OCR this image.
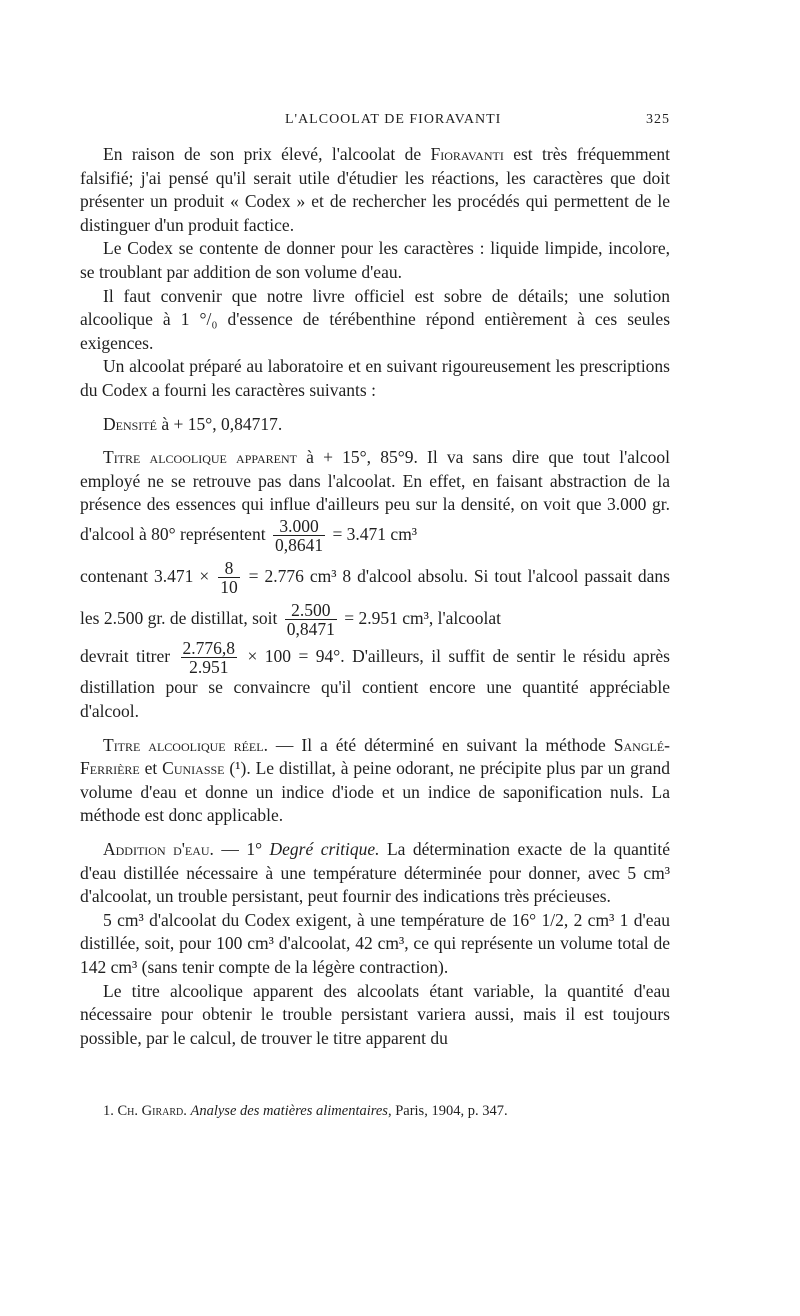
L'ALCOOLAT DE FIORAVANTI	325

En raison de son prix élevé, l'alcoolat de Fioravanti est très fréquemment falsifié; j'ai pensé qu'il serait utile d'étudier les réactions, les caractères que doit présenter un produit « Codex » et de rechercher les procédés qui permettent de le distinguer d'un produit factice.

Le Codex se contente de donner pour les caractères : liquide limpide, incolore, se troublant par addition de son volume d'eau.

Il faut convenir que notre livre officiel est sobre de détails; une solution alcoolique à 1 °/₀ d'essence de térébenthine répond entièrement à ces seules exigences.

Un alcoolat préparé au laboratoire et en suivant rigoureusement les prescriptions du Codex a fourni les caractères suivants :

Densité à + 15°, 0,84717.

Titre alcoolique apparent à + 15°, 85°9. Il va sans dire que tout l'alcool employé ne se retrouve pas dans l'alcoolat. En effet, en faisant abstraction de la présence des essences qui influe d'ailleurs peu sur la densité, on voit que 3.000 gr. d'alcool à 80° représentent $\frac{3.000}{0,8641} = 3.471$ cm³

contenant $3.471 \times \frac{8}{10} = 2.776$ cm³ 8 d'alcool absolu. Si tout l'alcool passait dans les 2.500 gr. de distillat, soit $\frac{2.500}{0,8471} = 2.951$ cm³, l'alcoolat

devrait titrer $\frac{2.776,8}{2.951} \times 100 = 94^\circ$. D'ailleurs, il suffit de sentir le résidu après distillation pour se convaincre qu'il contient encore une quantité appréciable d'alcool.

Titre alcoolique réel. — Il a été déterminé en suivant la méthode Sanglé-Ferrière et Cuniasse (¹). Le distillat, à peine odorant, ne précipite plus par un grand volume d'eau et donne un indice d'iode et un indice de saponification nuls. La méthode est donc applicable.

Addition d'eau. — 1° Degré critique. La détermination exacte de la quantité d'eau distillée nécessaire à une température déterminée pour donner, avec 5 cm³ d'alcoolat, un trouble persistant, peut fournir des indications très précieuses.

5 cm³ d'alcoolat du Codex exigent, à une température de 16° 1/2, 2 cm³ 1 d'eau distillée, soit, pour 100 cm³ d'alcoolat, 42 cm³, ce qui représente un volume total de 142 cm³ (sans tenir compte de la légère contraction).

Le titre alcoolique apparent des alcoolats étant variable, la quantité d'eau nécessaire pour obtenir le trouble persistant variera aussi, mais il est toujours possible, par le calcul, de trouver le titre apparent du

1. Ch. Girard. Analyse des matières alimentaires, Paris, 1904, p. 347.
